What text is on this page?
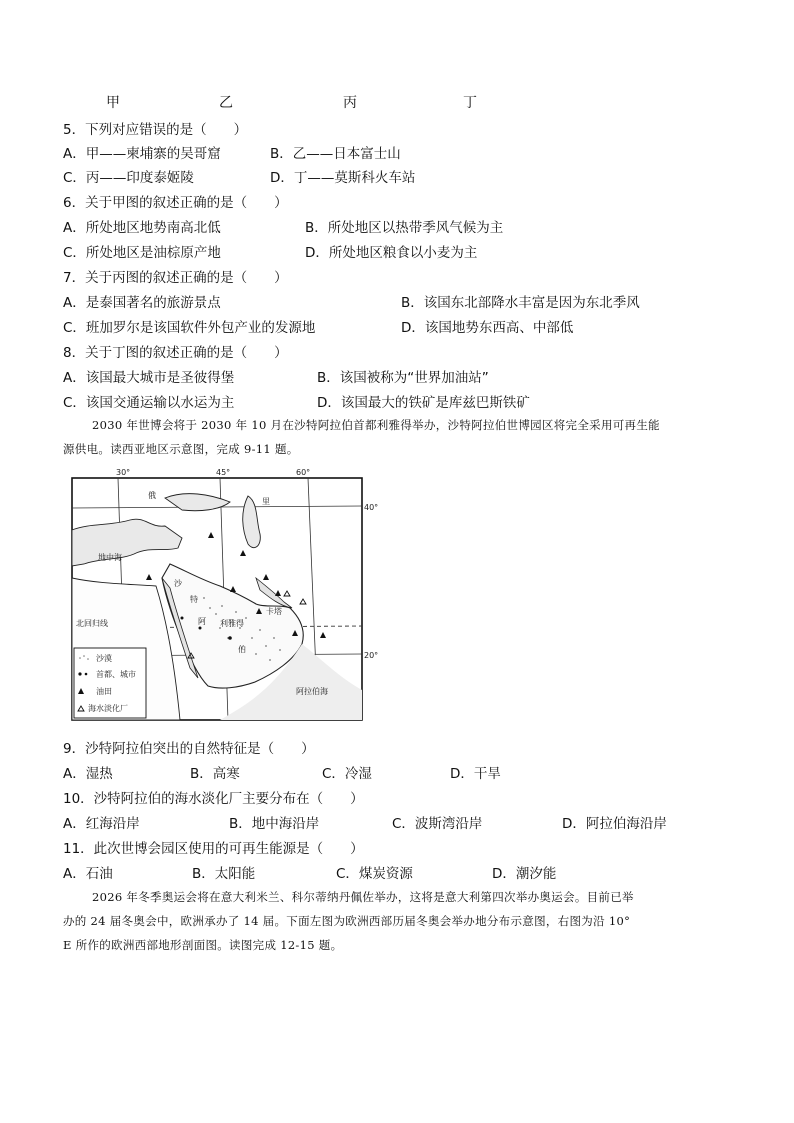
甲	乙	丙	丁
5．下列对应错误的是（　　）
A．甲——柬埔寨的吴哥窟	B．乙——日本富士山
C．丙——印度泰姬陵	D．丁——莫斯科火车站
6．关于甲图的叙述正确的是（　　）
A．所处地区地势南高北低	B．所处地区以热带季风气候为主
C．所处地区是油棕原产地	D．所处地区粮食以小麦为主
7．关于丙图的叙述正确的是（　　）
A．是泰国著名的旅游景点	B．该国东北部降水丰富是因为东北季风
C．班加罗尔是该国软件外包产业的发源地	D．该国地势东西高、中部低
8．关于丁图的叙述正确的是（　　）
A．该国最大城市是圣彼得堡	B．该国被称为“世界加油站”
C．该国交通运输以水运为主	D．该国最大的铁矿是库兹巴斯铁矿
2030 年世博会将于 2030 年 10 月在沙特阿拉伯首都利雅得举办，沙特阿拉伯世博园区将完全采用可再生能
源供电。读西亚地区示意图，完成 9-11 题。
30°	45°	60°
40°
20°
地中海
俄
里
沙
特
阿
伯
利雅得
卡塔
北回归线
阿拉伯海
沙漠
首都、城市
油田
海水淡化厂
9．沙特阿拉伯突出的自然特征是（　　）
A．湿热	B．高寒	C．冷湿	D．干旱
10．沙特阿拉伯的海水淡化厂主要分布在（　　）
A．红海沿岸	B．地中海沿岸	C．波斯湾沿岸	D．阿拉伯海沿岸
11．此次世博会园区使用的可再生能源是（　　）
A．石油	B．太阳能	C．煤炭资源	D．潮汐能
2026 年冬季奥运会将在意大利米兰、科尔蒂纳丹佩佐举办，这将是意大利第四次举办奥运会。目前已举
办的 24 届冬奥会中，欧洲承办了 14 届。下面左图为欧洲西部历届冬奥会举办地分布示意图，右图为沿 10°
E 所作的欧洲西部地形剖面图。读图完成 12-15 题。
